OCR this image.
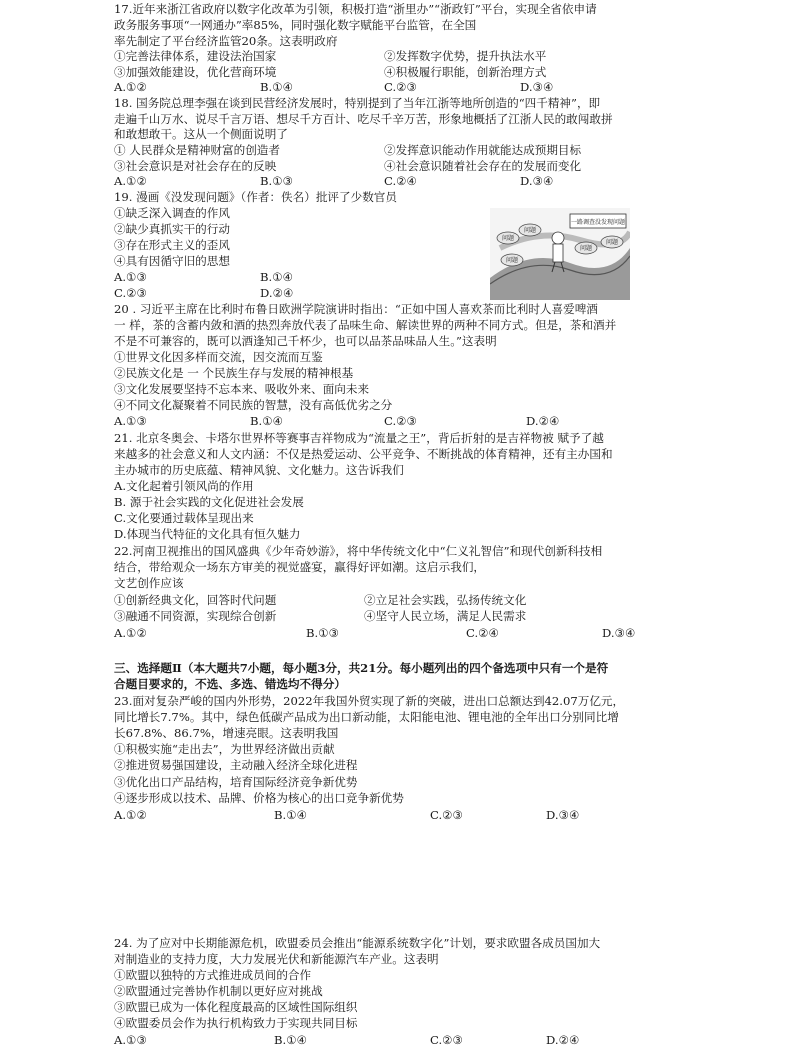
17.近年来浙江省政府以数字化改革为引领，积极打造“浙里办”“浙政钉”平台，实现全省依申请
政务服务事项“一网通办”率85%，同时强化数字赋能平台监管，在全国
率先制定了平台经济监管20条。这表明政府
①完善法律体系，建设法治国家	②发挥数字优势，提升执法水平
③加强效能建设，优化营商环境	④积极履行职能，创新治理方式
A.①②	B.①④	C.②③	D.③④
18. 国务院总理李强在谈到民营经济发展时，特别提到了当年江浙等地所创造的“四千精神”，即
走遍千山万水、说尽千言万语、想尽千方百计、吃尽千辛万苦，形象地概括了江浙人民的敢闯敢拼
和敢想敢干。这从一个侧面说明了
① 人民群众是精神财富的创造者	②发挥意识能动作用就能达成预期目标
③社会意识是对社会存在的反映	④社会意识随着社会存在的发展而变化
A.①②	B.①③	C.②④	D.③④
19. 漫画《没发现问题》（作者：佚名）批评了少数官员
①缺乏深入调查的作风
②缺少真抓实干的行动
③存在形式主义的歪风
④具有因循守旧的思想
A.①③	B.①④
C.②③	D.②④
一路调查没发现问题
问题
问题
问题
问题
问题
20 . 习近平主席在比利时布鲁日欧洲学院演讲时指出：“正如中国人喜欢茶而比利时人喜爱啤酒
一 样，茶的含蓄内敛和酒的热烈奔放代表了品味生命、解读世界的两种不同方式。但是，茶和酒并
不是不可兼容的，既可以酒逢知己千杯少，也可以品茶品味品人生。”这表明
①世界文化因多样而交流，因交流而互鉴
②民族文化是 一 个民族生存与发展的精神根基
③文化发展要坚持不忘本来、吸收外来、面向未来
④不同文化凝聚着不同民族的智慧，没有高低优劣之分
A.①③	B.①④	C.②③	D.②④
21. 北京冬奥会、卡塔尔世界杯等赛事吉祥物成为“流量之王”，背后折射的是吉祥物被 赋予了越
来越多的社会意义和人文内涵：不仅是热爱运动、公平竞争、不断挑战的体育精神，还有主办国和
主办城市的历史底蕴、精神风貌、文化魅力。这告诉我们
A.文化起着引领风尚的作用
B. 源于社会实践的文化促进社会发展
C.文化要通过载体呈现出来
D.体现当代特征的文化具有恒久魅力
22.河南卫视推出的国风盛典《少年奇妙游》，将中华传统文化中“仁义礼智信”和现代创新科技相
结合，带给观众一场东方审美的视觉盛宴，赢得好评如潮。这启示我们，
文艺创作应该
①创新经典文化，回答时代问题	②立足社会实践，弘扬传统文化
③融通不同资源，实现综合创新	④坚守人民立场，满足人民需求
A.①②	B.①③	C.②④	D.③④
三、选择题Ⅱ（本大题共7小题，每小题3分，共21分。每小题列出的四个备选项中只有一个是符
合题目要求的，不选、多选、错选均不得分）
23.面对复杂严峻的国内外形势，2022年我国外贸实现了新的突破，进出口总额达到42.07万亿元，
同比增长7.7%。其中，绿色低碳产品成为出口新动能，太阳能电池、锂电池的全年出口分别同比增
长67.8%、86.7%，增速亮眼。这表明我国
①积极实施“走出去”，为世界经济做出贡献
②推进贸易强国建设，主动融入经济全球化进程
③优化出口产品结构，培育国际经济竞争新优势
④逐步形成以技术、品牌、价格为核心的出口竞争新优势
A.①②	B.①④	C.②③	D.③④
24. 为了应对中长期能源危机，欧盟委员会推出“能源系统数字化”计划，要求欧盟各成员国加大
对制造业的支持力度，大力发展光伏和新能源汽车产业。这表明
①欧盟以独特的方式推进成员间的合作
②欧盟通过完善协作机制以更好应对挑战
③欧盟已成为一体化程度最高的区域性国际组织
④欧盟委员会作为执行机构致力于实现共同目标
A.①③	B.①④	C.②③	D.②④
